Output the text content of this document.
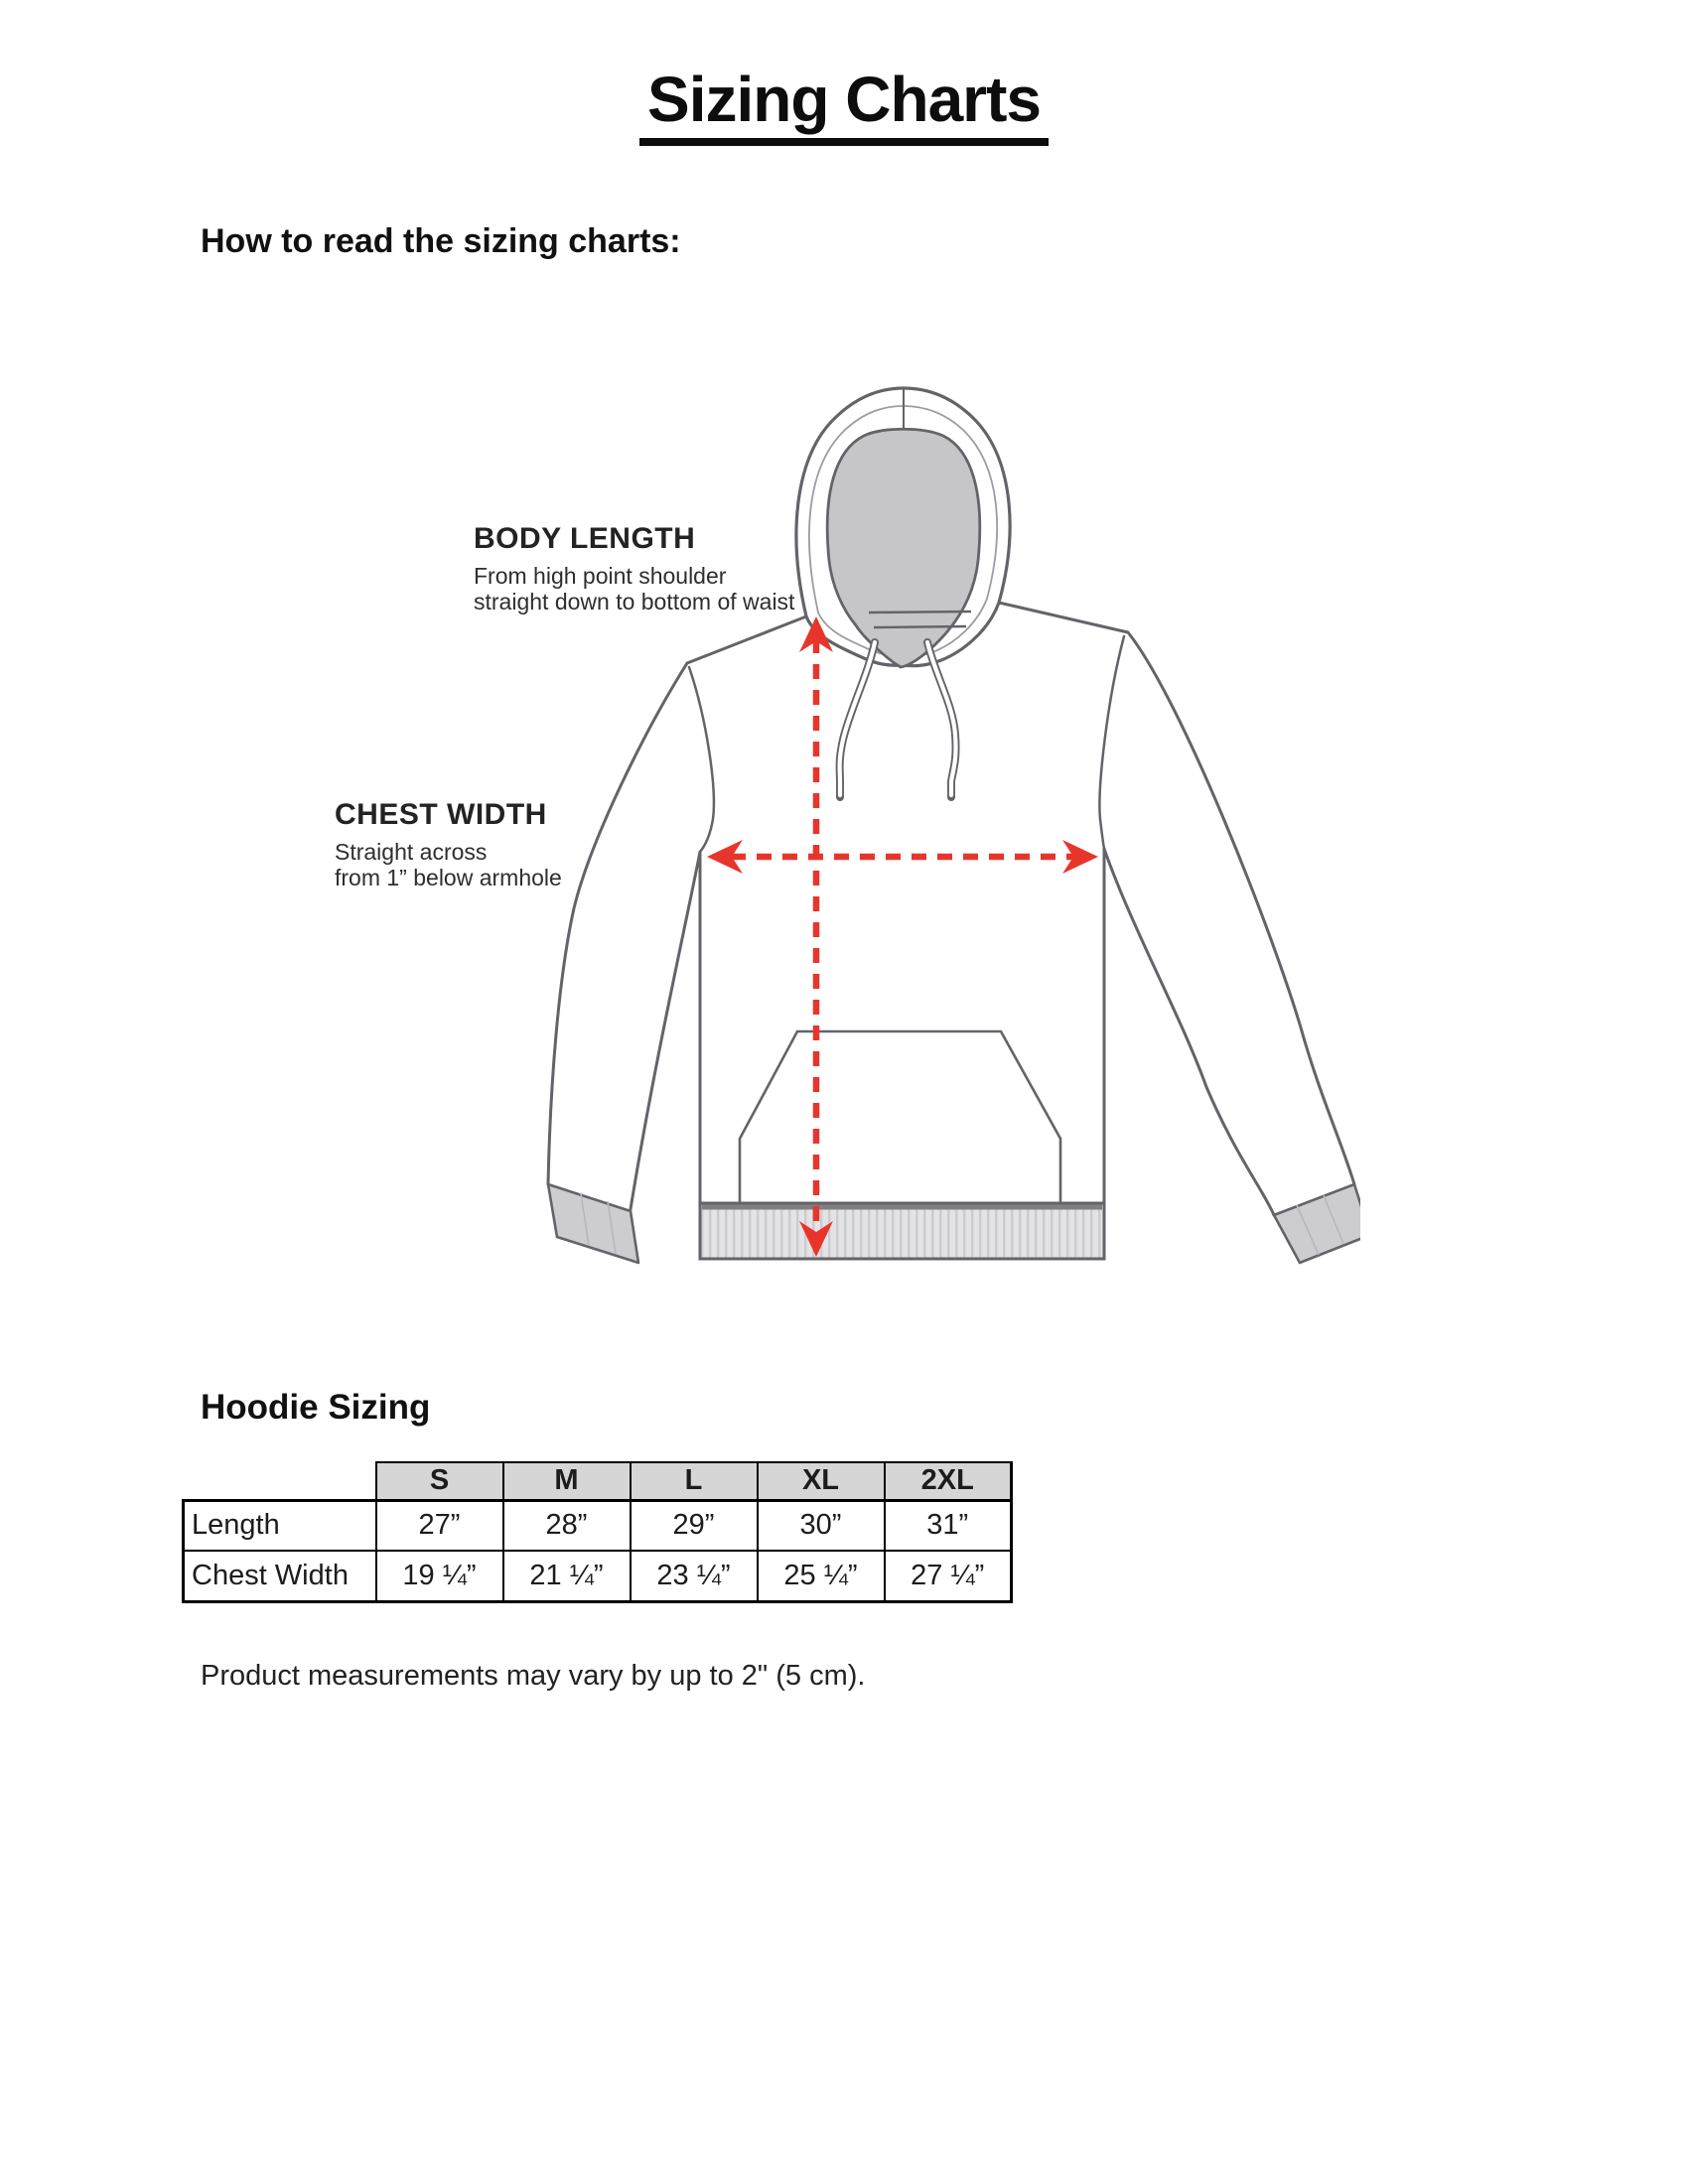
Sizing Charts
How to read the sizing charts:
BODY LENGTH
From high point shoulder
straight down to bottom of waist
CHEST WIDTH
Straight across
from 1” below armhole
Hoodie Sizing
	S	M	L	XL	2XL
Length	27”	28”	29”	30”	31”
Chest Width	19 ¼”	21 ¼”	23 ¼”	25 ¼”	27 ¼”

Product measurements may vary by up to 2" (5 cm).
